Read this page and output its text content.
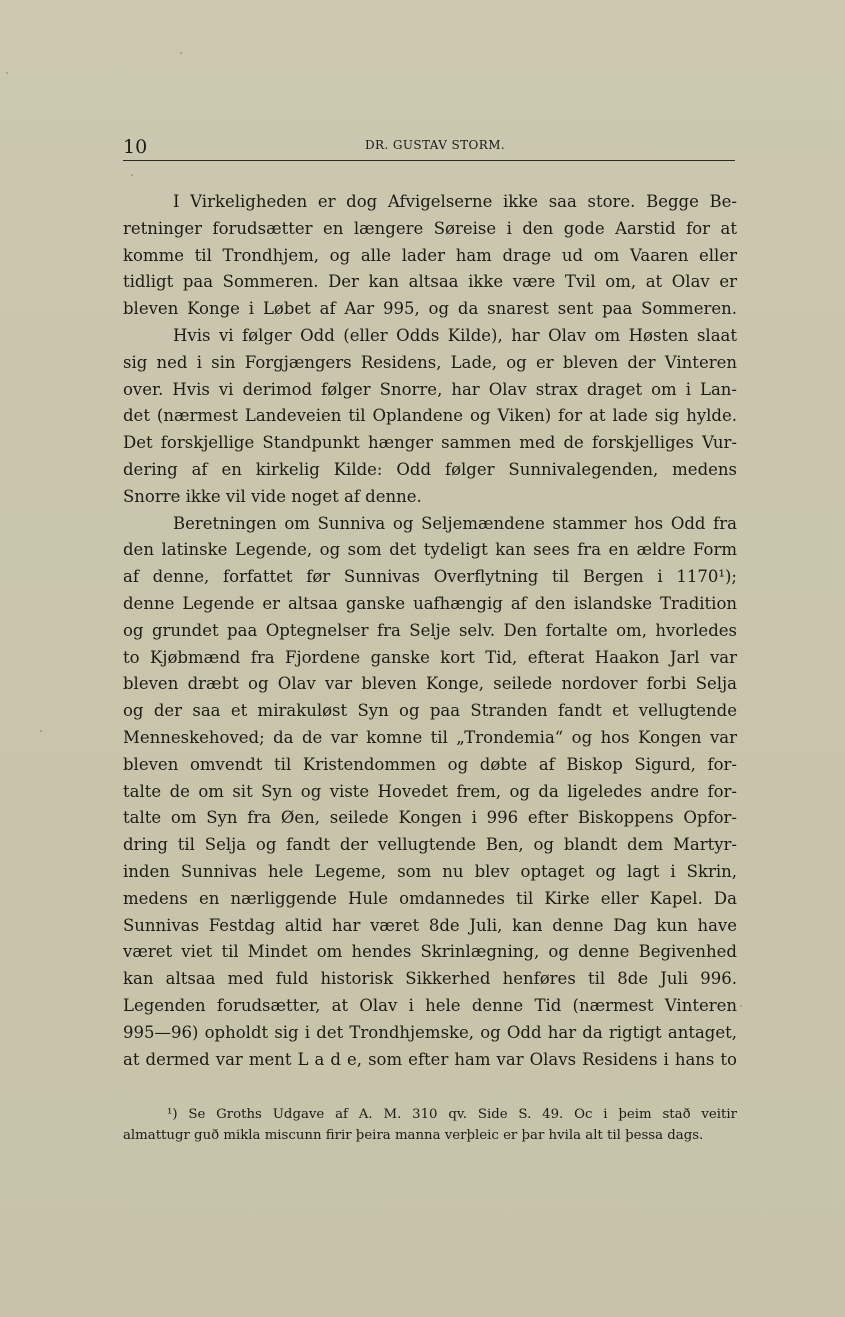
10	DR. GUSTAV STORM.
I Virkeligheden er dog Afvigelserne ikke saa store. Begge Be-
retninger forudsætter en længere Søreise i den gode Aarstid for at
komme til Trondhjem, og alle lader ham drage ud om Vaaren eller
tidligt paa Sommeren. Der kan altsaa ikke være Tvil om, at Olav er
bleven Konge i Løbet af Aar 995, og da snarest sent paa Sommeren.
Hvis vi følger Odd (eller Odds Kilde), har Olav om Høsten slaat
sig ned i sin Forgjængers Residens, Lade, og er bleven der Vinteren
over. Hvis vi derimod følger Snorre, har Olav strax draget om i Lan-
det (nærmest Landeveien til Oplandene og Viken) for at lade sig hylde.
Det forskjellige Standpunkt hænger sammen med de forskjelliges Vur-
dering af en kirkelig Kilde: Odd følger Sunnivalegenden, medens
Snorre ikke vil vide noget af denne.
Beretningen om Sunniva og Seljemændene stammer hos Odd fra
den latinske Legende, og som det tydeligt kan sees fra en ældre Form
af denne, forfattet før Sunnivas Overflytning til Bergen i 1170¹);
denne Legende er altsaa ganske uafhængig af den islandske Tradition
og grundet paa Optegnelser fra Selje selv. Den fortalte om, hvorledes
to Kjøbmænd fra Fjordene ganske kort Tid, efterat Haakon Jarl var
bleven dræbt og Olav var bleven Konge, seilede nordover forbi Selja
og der saa et mirakuløst Syn og paa Stranden fandt et vellugtende
Menneskehoved; da de var komne til „Trondemia“ og hos Kongen var
bleven omvendt til Kristendommen og døbte af Biskop Sigurd, for-
talte de om sit Syn og viste Hovedet frem, og da ligeledes andre for-
talte om Syn fra Øen, seilede Kongen i 996 efter Biskoppens Opfor-
dring til Selja og fandt der vellugtende Ben, og blandt dem Martyr-
inden Sunnivas hele Legeme, som nu blev optaget og lagt i Skrin,
medens en nærliggende Hule omdannedes til Kirke eller Kapel. Da
Sunnivas Festdag altid har været 8de Juli, kan denne Dag kun have
været viet til Mindet om hendes Skrinlægning, og denne Begivenhed
kan altsaa med fuld historisk Sikkerhed henføres til 8de Juli 996.
Legenden forudsætter, at Olav i hele denne Tid (nærmest Vinteren
995—96) opholdt sig i det Trondhjemske, og Odd har da rigtigt antaget,
at dermed var ment L a d e, som efter ham var Olavs Residens i hans to
¹) Se Groths Udgave af A. M. 310 qv. Side S. 49. Oc i þeim stað veitir
almattugr guð mikla miscunn firir þeira manna verþleic er þar hvila alt til þessa dags.
